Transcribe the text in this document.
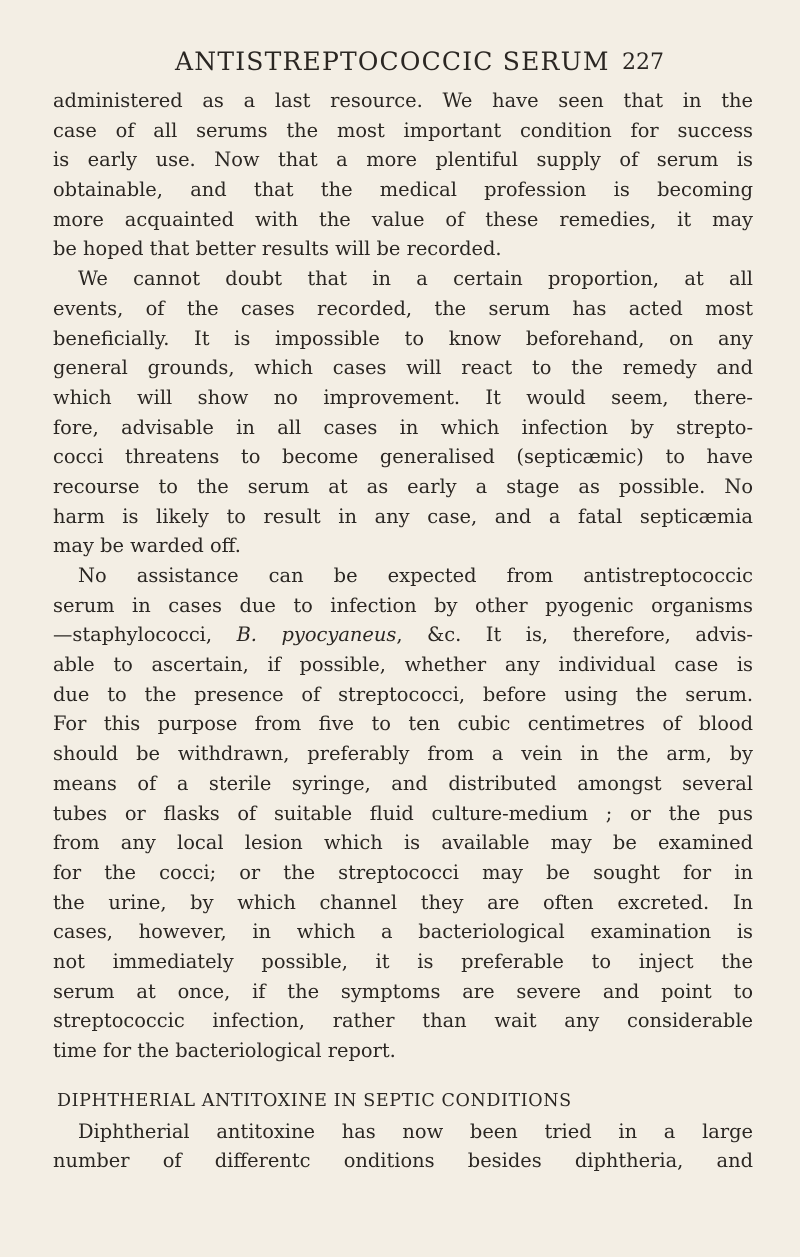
ANTISTREPTOCOCCIC SERUM 227
administered as a last resource. We have seen that in the
case of all serums the most important condition for success
is early use. Now that a more plentiful supply of serum is
obtainable, and that the medical profession is becoming
more acquainted with the value of these remedies, it may
be hoped that better results will be recorded.
We cannot doubt that in a certain proportion, at all
events, of the cases recorded, the serum has acted most
beneficially. It is impossible to know beforehand, on any
general grounds, which cases will react to the remedy and
which will show no improvement. It would seem, there-
fore, advisable in all cases in which infection by strepto-
cocci threatens to become generalised (septicæmic) to have
recourse to the serum at as early a stage as possible. No
harm is likely to result in any case, and a fatal septicæmia
may be warded off.
No assistance can be expected from antistreptococcic
serum in cases due to infection by other pyogenic organisms
—staphylococci, B. pyocyaneus, &c. It is, therefore, advis-
able to ascertain, if possible, whether any individual case is
due to the presence of streptococci, before using the serum.
For this purpose from five to ten cubic centimetres of blood
should be withdrawn, preferably from a vein in the arm, by
means of a sterile syringe, and distributed amongst several
tubes or flasks of suitable fluid culture-medium ; or the pus
from any local lesion which is available may be examined
for the cocci; or the streptococci may be sought for in
the urine, by which channel they are often excreted. In
cases, however, in which a bacteriological examination is
not immediately possible, it is preferable to inject the
serum at once, if the symptoms are severe and point to
streptococcic infection, rather than wait any considerable
time for the bacteriological report.
DIPHTHERIAL ANTITOXINE IN SEPTIC CONDITIONS
Diphtherial antitoxine has now been tried in a large
number of differentc onditions besides diphtheria, and
